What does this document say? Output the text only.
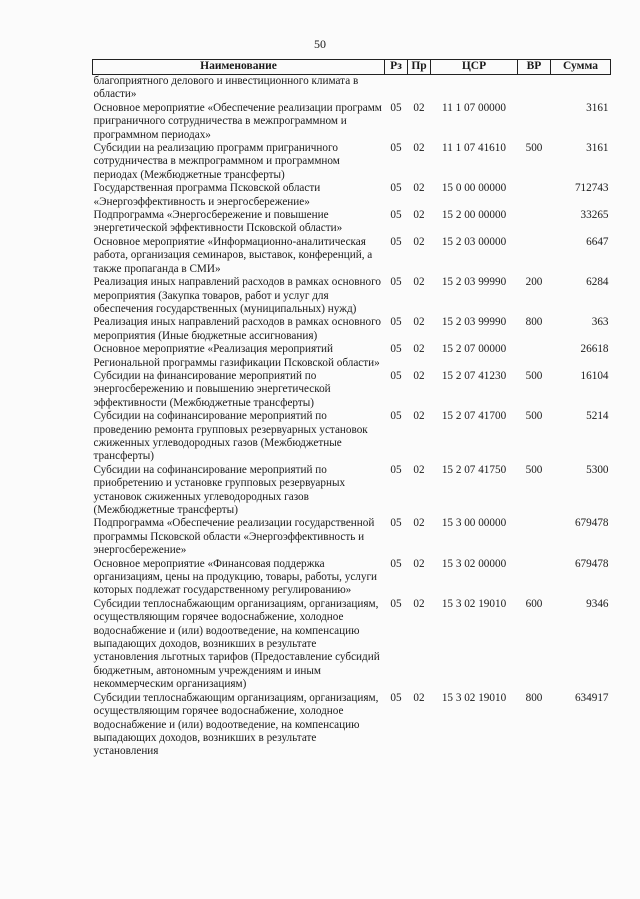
50
Наименование	Рз	Пр	ЦСР	ВР	Сумма
благоприятного делового и инвестиционного климата в области»					
Основное мероприятие «Обеспечение реализации программ приграничного сотрудничества в межпрограммном и программном периодах»	05	02	11 1 07 00000		3161
Субсидии на реализацию программ приграничного сотрудничества в межпрограммном и программном периодах (Межбюджетные трансферты)	05	02	11 1 07 41610	500	3161
Государственная программа Псковской области «Энергоэффективность и энергосбережение»	05	02	15 0 00 00000		712743
Подпрограмма «Энергосбережение и повышение энергетической эффективности Псковской области»	05	02	15 2 00 00000		33265
Основное мероприятие «Информационно-аналитическая работа, организация семинаров, выставок, конференций, а также пропаганда в СМИ»	05	02	15 2 03 00000		6647
Реализация иных направлений расходов в рамках основного мероприятия (Закупка товаров, работ и услуг для обеспечения государственных (муниципальных) нужд)	05	02	15 2 03 99990	200	6284
Реализация иных направлений расходов в рамках основного мероприятия (Иные бюджетные ассигнования)	05	02	15 2 03 99990	800	363
Основное мероприятие «Реализация мероприятий Региональной программы газификации Псковской области»	05	02	15 2 07 00000		26618
Субсидии на финансирование мероприятий по энергосбережению и повышению энергетической эффективности (Межбюджетные трансферты)	05	02	15 2 07 41230	500	16104
Субсидии на софинансирование мероприятий по проведению ремонта групповых резервуарных установок сжиженных углеводородных газов (Межбюджетные трансферты)	05	02	15 2 07 41700	500	5214
Субсидии на софинансирование мероприятий по приобретению и установке групповых резервуарных установок сжиженных углеводородных газов (Межбюджетные трансферты)	05	02	15 2 07 41750	500	5300
Подпрограмма «Обеспечение реализации государственной программы Псковской области «Энергоэффективность и энергосбережение»	05	02	15 3 00 00000		679478
Основное мероприятие «Финансовая поддержка организациям, цены на продукцию, товары, работы, услуги которых подлежат государственному регулированию»	05	02	15 3 02 00000		679478
Субсидии теплоснабжающим организациям, организациям, осуществляющим горячее водоснабжение, холодное водоснабжение и (или) водоотведение, на компенсацию выпадающих доходов, возникших в результате установления льготных тарифов (Предоставление субсидий бюджетным, автономным учреждениям и иным некоммерческим организациям)	05	02	15 3 02 19010	600	9346
Субсидии теплоснабжающим организациям, организациям, осуществляющим горячее водоснабжение, холодное водоснабжение и (или) водоотведение, на компенсацию выпадающих доходов, возникших в результате установления	05	02	15 3 02 19010	800	634917
